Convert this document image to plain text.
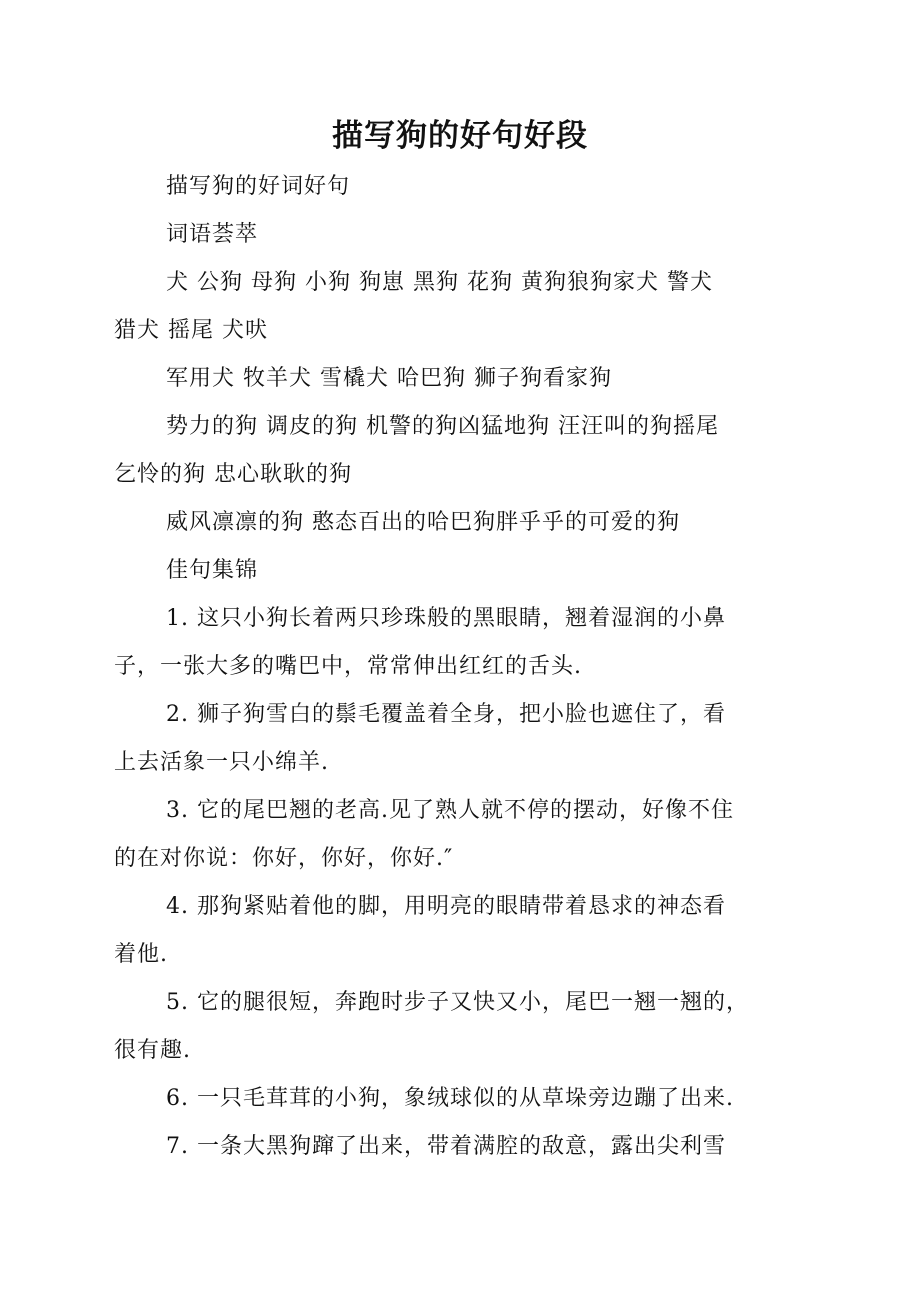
描写狗的好句好段

描写狗的好词好句

词语荟萃

犬 公狗 母狗 小狗 狗崽 黑狗 花狗 黄狗狼狗家犬 警犬
猎犬 摇尾 犬吠

军用犬 牧羊犬 雪橇犬 哈巴狗 狮子狗看家狗

势力的狗 调皮的狗 机警的狗凶猛地狗 汪汪叫的狗摇尾
乞怜的狗 忠心耿耿的狗

威风凛凛的狗 憨态百出的哈巴狗胖乎乎的可爱的狗

佳句集锦

1. 这只小狗长着两只珍珠般的黑眼睛，翘着湿润的小鼻
子，一张大多的嘴巴中，常常伸出红红的舌头.

2. 狮子狗雪白的鬃毛覆盖着全身，把小脸也遮住了，看
上去活象一只小绵羊.

3. 它的尾巴翘的老高.见了熟人就不停的摆动，好像不住
的在对你说：你好，你好，你好.″

4. 那狗紧贴着他的脚，用明亮的眼睛带着恳求的神态看
着他.

5. 它的腿很短，奔跑时步子又快又小，尾巴一翘一翘的，
很有趣.

6. 一只毛茸茸的小狗，象绒球似的从草垛旁边蹦了出来.

7. 一条大黑狗蹿了出来，带着满腔的敌意，露出尖利雪
